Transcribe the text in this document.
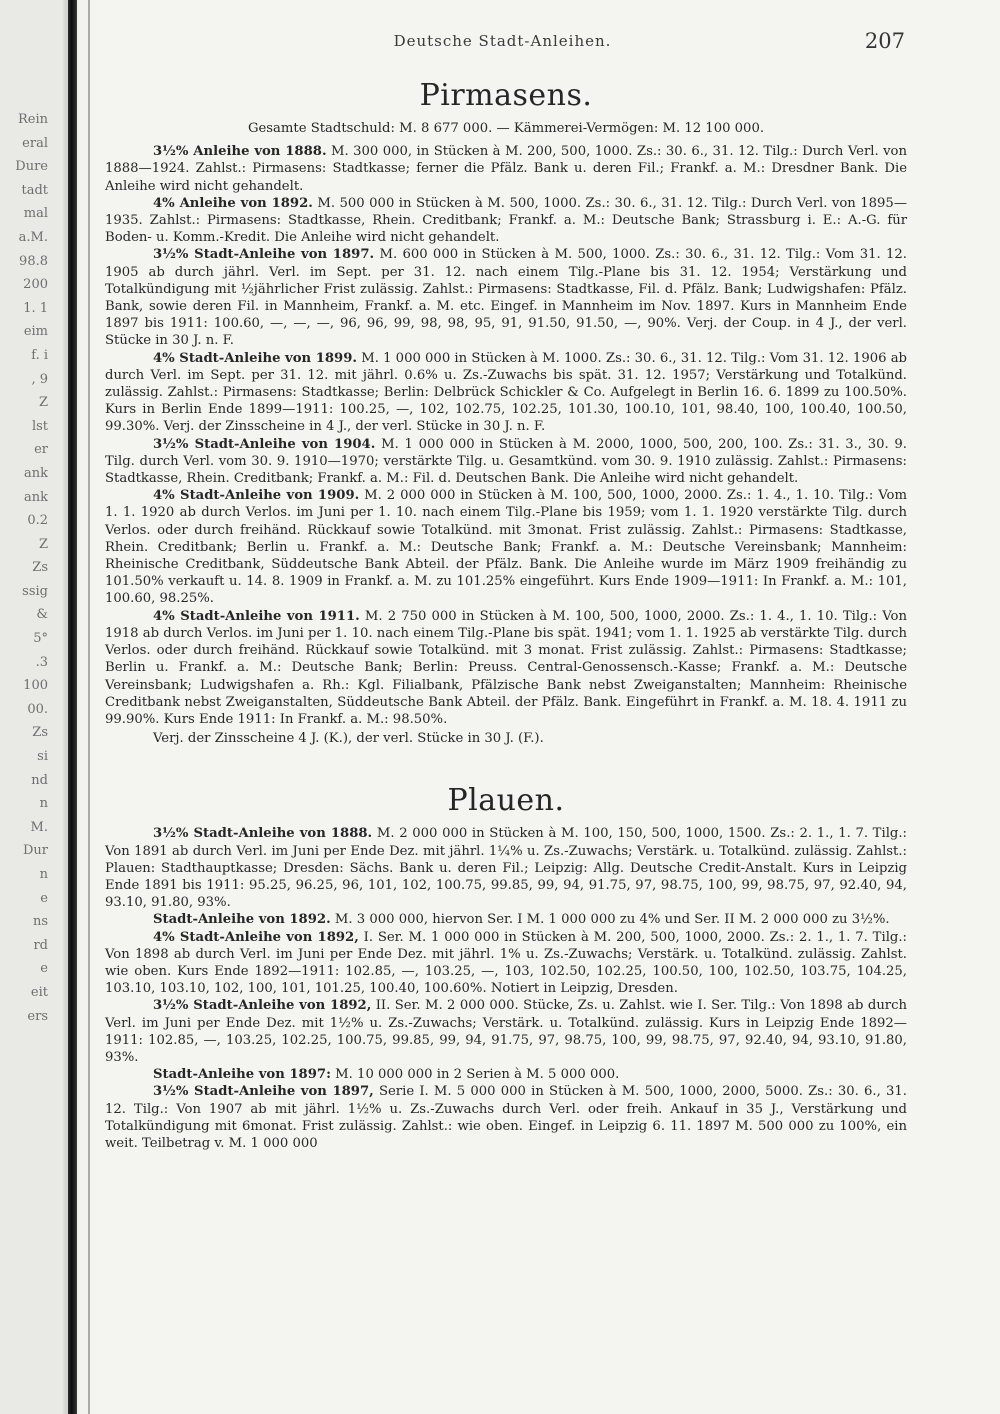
Rein
eral
Dure
tadt
mal
a.M.
98.8
200
1. 1
eim
f. i
, 9
Z
lst
er
ank
ank
0.2
Z
Zs
ssig
&
5°
.3
100
00.
Zs
si
nd
n
M.
Dur
n
e
ns
rd
e
eit
ers
Deutsche Stadt-Anleihen.	207
Pirmasens.

Gesamte Stadtschuld: M. 8 677 000. — Kämmerei-Vermögen: M. 12 100 000.

3½% Anleihe von 1888. M. 300 000, in Stücken à M. 200, 500, 1000. Zs.: 30. 6., 31. 12. Tilg.: Durch Verl. von 1888—1924. Zahlst.: Pirmasens: Stadtkasse; ferner die Pfälz. Bank u. deren Fil.; Frankf. a. M.: Dresdner Bank. Die Anleihe wird nicht gehandelt.

4% Anleihe von 1892. M. 500 000 in Stücken à M. 500, 1000. Zs.: 30. 6., 31. 12. Tilg.: Durch Verl. von 1895—1935. Zahlst.: Pirmasens: Stadtkasse, Rhein. Creditbank; Frankf. a. M.: Deutsche Bank; Strassburg i. E.: A.-G. für Boden- u. Komm.-Kredit. Die Anleihe wird nicht gehandelt.

3½% Stadt-Anleihe von 1897. M. 600 000 in Stücken à M. 500, 1000. Zs.: 30. 6., 31. 12. Tilg.: Vom 31. 12. 1905 ab durch jährl. Verl. im Sept. per 31. 12. nach einem Tilg.-Plane bis 31. 12. 1954; Verstärkung und Totalkündigung mit ½jährlicher Frist zulässig. Zahlst.: Pirmasens: Stadtkasse, Fil. d. Pfälz. Bank; Ludwigshafen: Pfälz. Bank, sowie deren Fil. in Mannheim, Frankf. a. M. etc. Eingef. in Mannheim im Nov. 1897. Kurs in Mannheim Ende 1897 bis 1911: 100.60, —, —, —, 96, 96, 99, 98, 98, 95, 91, 91.50, 91.50, —, 90%. Verj. der Coup. in 4 J., der verl. Stücke in 30 J. n. F.

4% Stadt-Anleihe von 1899. M. 1 000 000 in Stücken à M. 1000. Zs.: 30. 6., 31. 12. Tilg.: Vom 31. 12. 1906 ab durch Verl. im Sept. per 31. 12. mit jährl. 0.6% u. Zs.-Zuwachs bis spät. 31. 12. 1957; Verstärkung und Totalkünd. zulässig. Zahlst.: Pirmasens: Stadtkasse; Berlin: Delbrück Schickler & Co. Aufgelegt in Berlin 16. 6. 1899 zu 100.50%. Kurs in Berlin Ende 1899—1911: 100.25, —, 102, 102.75, 102.25, 101.30, 100.10, 101, 98.40, 100, 100.40, 100.50, 99.30%. Verj. der Zinsscheine in 4 J., der verl. Stücke in 30 J. n. F.

3½% Stadt-Anleihe von 1904. M. 1 000 000 in Stücken à M. 2000, 1000, 500, 200, 100. Zs.: 31. 3., 30. 9. Tilg. durch Verl. vom 30. 9. 1910—1970; verstärkte Tilg. u. Gesamtkünd. vom 30. 9. 1910 zulässig. Zahlst.: Pirmasens: Stadtkasse, Rhein. Creditbank; Frankf. a. M.: Fil. d. Deutschen Bank. Die Anleihe wird nicht gehandelt.

4% Stadt-Anleihe von 1909. M. 2 000 000 in Stücken à M. 100, 500, 1000, 2000. Zs.: 1. 4., 1. 10. Tilg.: Vom 1. 1. 1920 ab durch Verlos. im Juni per 1. 10. nach einem Tilg.-Plane bis 1959; vom 1. 1. 1920 verstärkte Tilg. durch Verlos. oder durch freihänd. Rückkauf sowie Totalkünd. mit 3monat. Frist zulässig. Zahlst.: Pirmasens: Stadtkasse, Rhein. Creditbank; Berlin u. Frankf. a. M.: Deutsche Bank; Frankf. a. M.: Deutsche Vereinsbank; Mannheim: Rheinische Creditbank, Süddeutsche Bank Abteil. der Pfälz. Bank. Die Anleihe wurde im März 1909 freihändig zu 101.50% verkauft u. 14. 8. 1909 in Frankf. a. M. zu 101.25% eingeführt. Kurs Ende 1909—1911: In Frankf. a. M.: 101, 100.60, 98.25%.

4% Stadt-Anleihe von 1911. M. 2 750 000 in Stücken à M. 100, 500, 1000, 2000. Zs.: 1. 4., 1. 10. Tilg.: Von 1918 ab durch Verlos. im Juni per 1. 10. nach einem Tilg.-Plane bis spät. 1941; vom 1. 1. 1925 ab verstärkte Tilg. durch Verlos. oder durch freihänd. Rückkauf sowie Totalkünd. mit 3 monat. Frist zulässig. Zahlst.: Pirmasens: Stadtkasse; Berlin u. Frankf. a. M.: Deutsche Bank; Berlin: Preuss. Central-Genossensch.-Kasse; Frankf. a. M.: Deutsche Vereinsbank; Ludwigshafen a. Rh.: Kgl. Filialbank, Pfälzische Bank nebst Zweiganstalten; Mannheim: Rheinische Creditbank nebst Zweiganstalten, Süddeutsche Bank Abteil. der Pfälz. Bank. Eingeführt in Frankf. a. M. 18. 4. 1911 zu 99.90%. Kurs Ende 1911: In Frankf. a. M.: 98.50%.

Verj. der Zinsscheine 4 J. (K.), der verl. Stücke in 30 J. (F.).

Plauen.

3½% Stadt-Anleihe von 1888. M. 2 000 000 in Stücken à M. 100, 150, 500, 1000, 1500. Zs.: 2. 1., 1. 7. Tilg.: Von 1891 ab durch Verl. im Juni per Ende Dez. mit jährl. 1¼% u. Zs.-Zuwachs; Verstärk. u. Totalkünd. zulässig. Zahlst.: Plauen: Stadthauptkasse; Dresden: Sächs. Bank u. deren Fil.; Leipzig: Allg. Deutsche Credit-Anstalt. Kurs in Leipzig Ende 1891 bis 1911: 95.25, 96.25, 96, 101, 102, 100.75, 99.85, 99, 94, 91.75, 97, 98.75, 100, 99, 98.75, 97, 92.40, 94, 93.10, 91.80, 93%.

Stadt-Anleihe von 1892. M. 3 000 000, hiervon Ser. I M. 1 000 000 zu 4% und Ser. II M. 2 000 000 zu 3½%.

4% Stadt-Anleihe von 1892, I. Ser. M. 1 000 000 in Stücken à M. 200, 500, 1000, 2000. Zs.: 2. 1., 1. 7. Tilg.: Von 1898 ab durch Verl. im Juni per Ende Dez. mit jährl. 1% u. Zs.-Zuwachs; Verstärk. u. Totalkünd. zulässig. Zahlst. wie oben. Kurs Ende 1892—1911: 102.85, —, 103.25, —, 103, 102.50, 102.25, 100.50, 100, 102.50, 103.75, 104.25, 103.10, 103.10, 102, 100, 101, 101.25, 100.40, 100.60%. Notiert in Leipzig, Dresden.

3½% Stadt-Anleihe von 1892, II. Ser. M. 2 000 000. Stücke, Zs. u. Zahlst. wie I. Ser. Tilg.: Von 1898 ab durch Verl. im Juni per Ende Dez. mit 1½% u. Zs.-Zuwachs; Verstärk. u. Totalkünd. zulässig. Kurs in Leipzig Ende 1892—1911: 102.85, —, 103.25, 102.25, 100.75, 99.85, 99, 94, 91.75, 97, 98.75, 100, 99, 98.75, 97, 92.40, 94, 93.10, 91.80, 93%.

Stadt-Anleihe von 1897: M. 10 000 000 in 2 Serien à M. 5 000 000.

3½% Stadt-Anleihe von 1897, Serie I. M. 5 000 000 in Stücken à M. 500, 1000, 2000, 5000. Zs.: 30. 6., 31. 12. Tilg.: Von 1907 ab mit jährl. 1½% u. Zs.-Zuwachs durch Verl. oder freih. Ankauf in 35 J., Verstärkung und Totalkündigung mit 6monat. Frist zulässig. Zahlst.: wie oben. Eingef. in Leipzig 6. 11. 1897 M. 500 000 zu 100%, ein weit. Teilbetrag v. M. 1 000 000
